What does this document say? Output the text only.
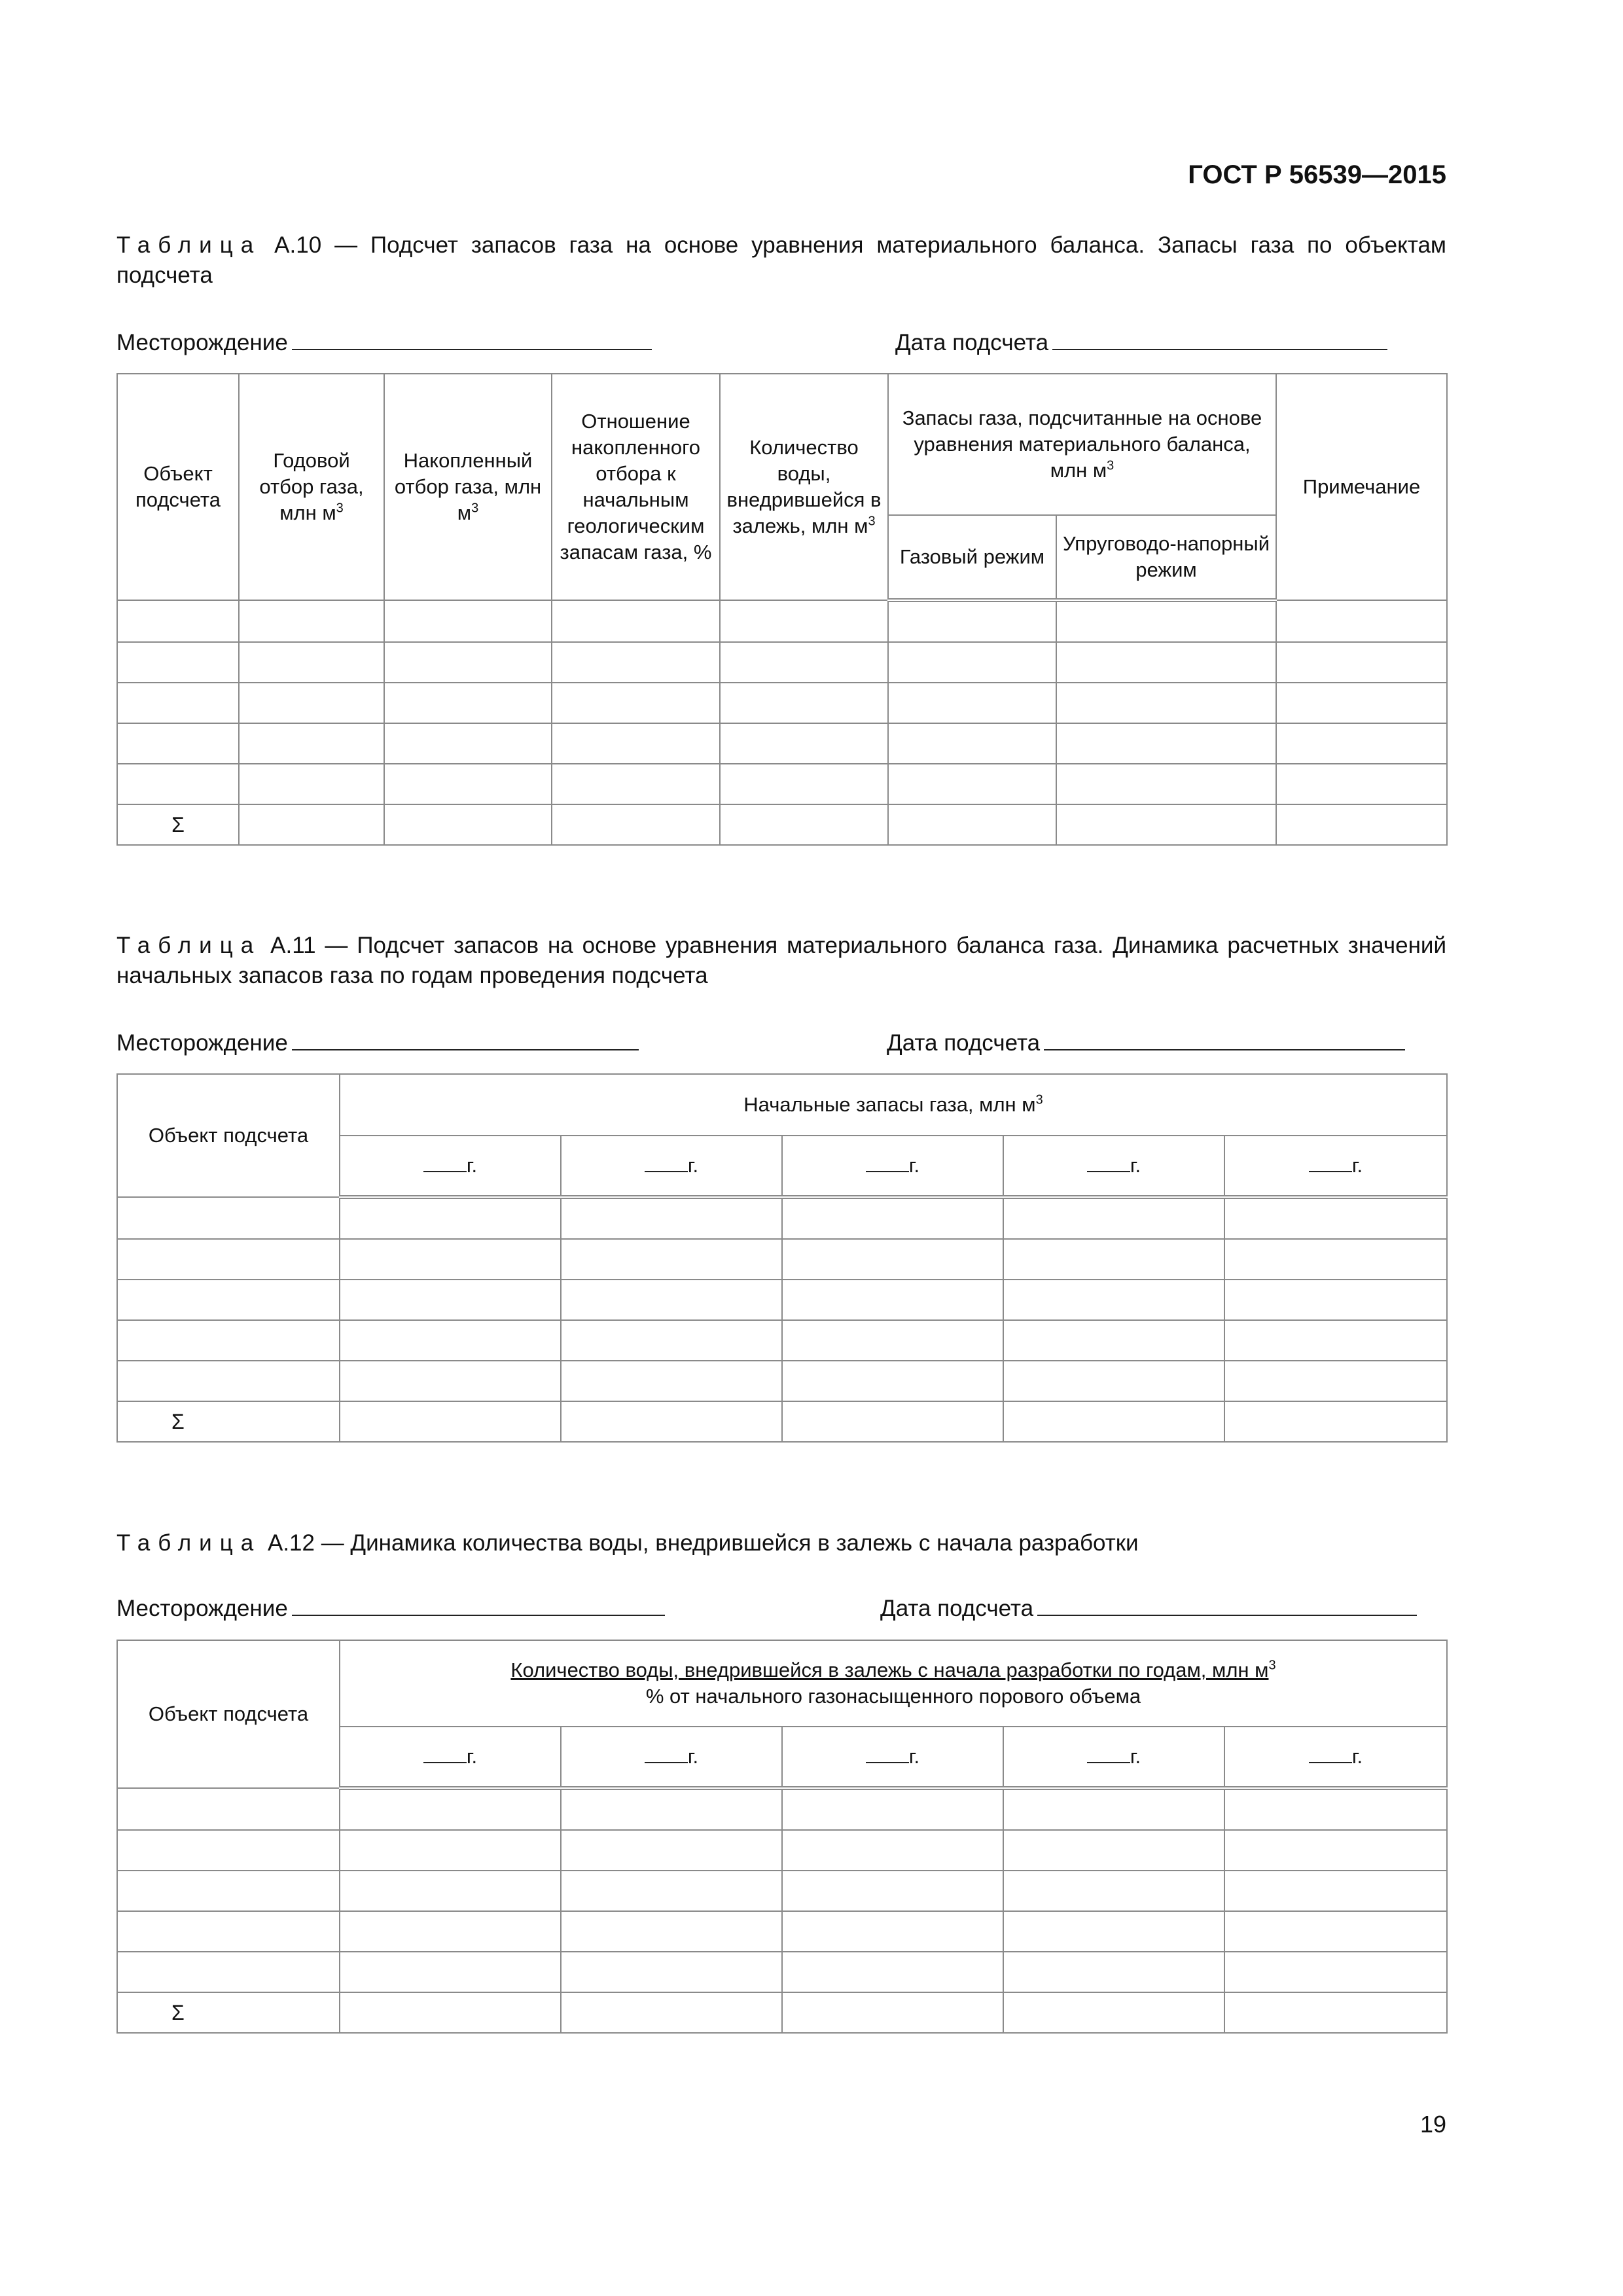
ГОСТ Р 56539—2015
Таблица А.10 — Подсчет запасов газа на основе уравнения материального баланса. Запасы газа по объектам подсчета
Месторождение	Дата подсчета
Объект подсчета	Годовой отбор газа, млн $м^3$	Накопленный отбор газа, млн $м^3$	Отношение накопленного отбора к начальным геологическим запасам газа, %	Количество воды, внедрившейся в залежь, млн $м^3$	Запасы газа, подсчитанные на основе уравнения материального баланса, млн $м^3$		Примечание
					Газовый режим	Упруговодо-напорный режим	

Σ							
Таблица А.11 — Подсчет запасов на основе уравнения материального баланса газа. Динамика расчетных значений начальных запасов газа по годам проведения подсчета
Месторождение	Дата подсчета
Объект подсчета	Начальные запасы газа, млн $м^3$
	г.	г.	г.	г.	г.

Σ					
Таблица А.12 — Динамика количества воды, внедрившейся в залежь с начала разработки
Месторождение	Дата подсчета
Объект подсчета	Количество воды, внедрившейся в залежь с начала разработки по годам, млн $м^3$
% от начального газонасыщенного порового объема				
	г.	г.	г.	г.	г.

Σ					
19
